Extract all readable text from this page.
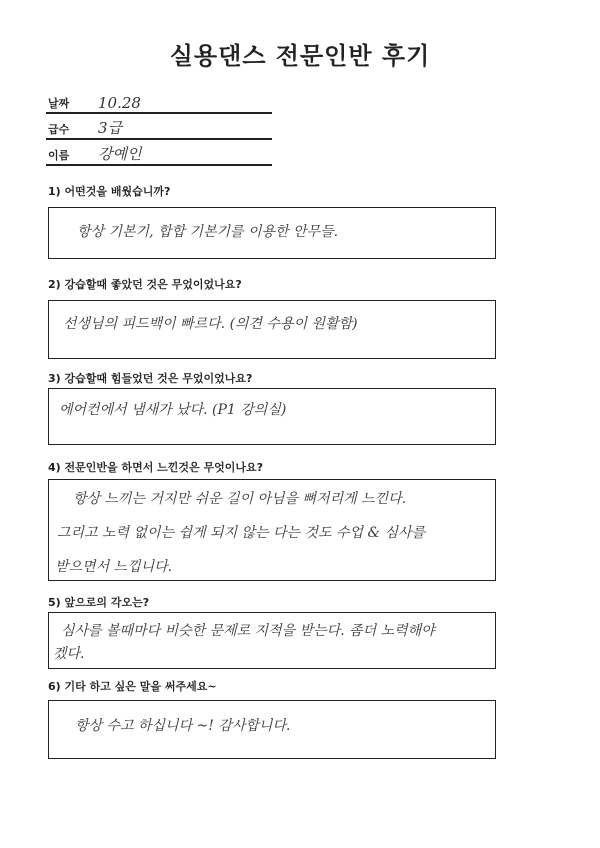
실용댄스 전문인반 후기
날짜 10.28
급수 3급
이름 강예인
1) 어떤것을 배웠습니까?
항상 기본기, 합합 기본기를 이용한 안무들.
2) 강습할때 좋았던 것은 무었이었나요?
선생님의 피드백이 빠르다. (의견 수용이 원활함)
3) 강습할때 힘들었던 것은 무었이었나요?
에어컨에서 냄새가 났다. (P1 강의실)
4) 전문인반을 하면서 느낀것은 무엇이나요?
항상 느끼는 거지만 쉬운 길이 아님을 뼈저리게 느낀다.
그리고 노력 없이는 쉽게 되지 않는 다는 것도 수업 & 심사를
받으면서 느낍니다.
5) 앞으로의 각오는?
심사를 볼때마다 비슷한 문제로 지적을 받는다. 좀더 노력해야
겠다.
6) 기타 하고 싶은 말을 써주세요~
항상 수고 하십니다 ~! 감사합니다.
